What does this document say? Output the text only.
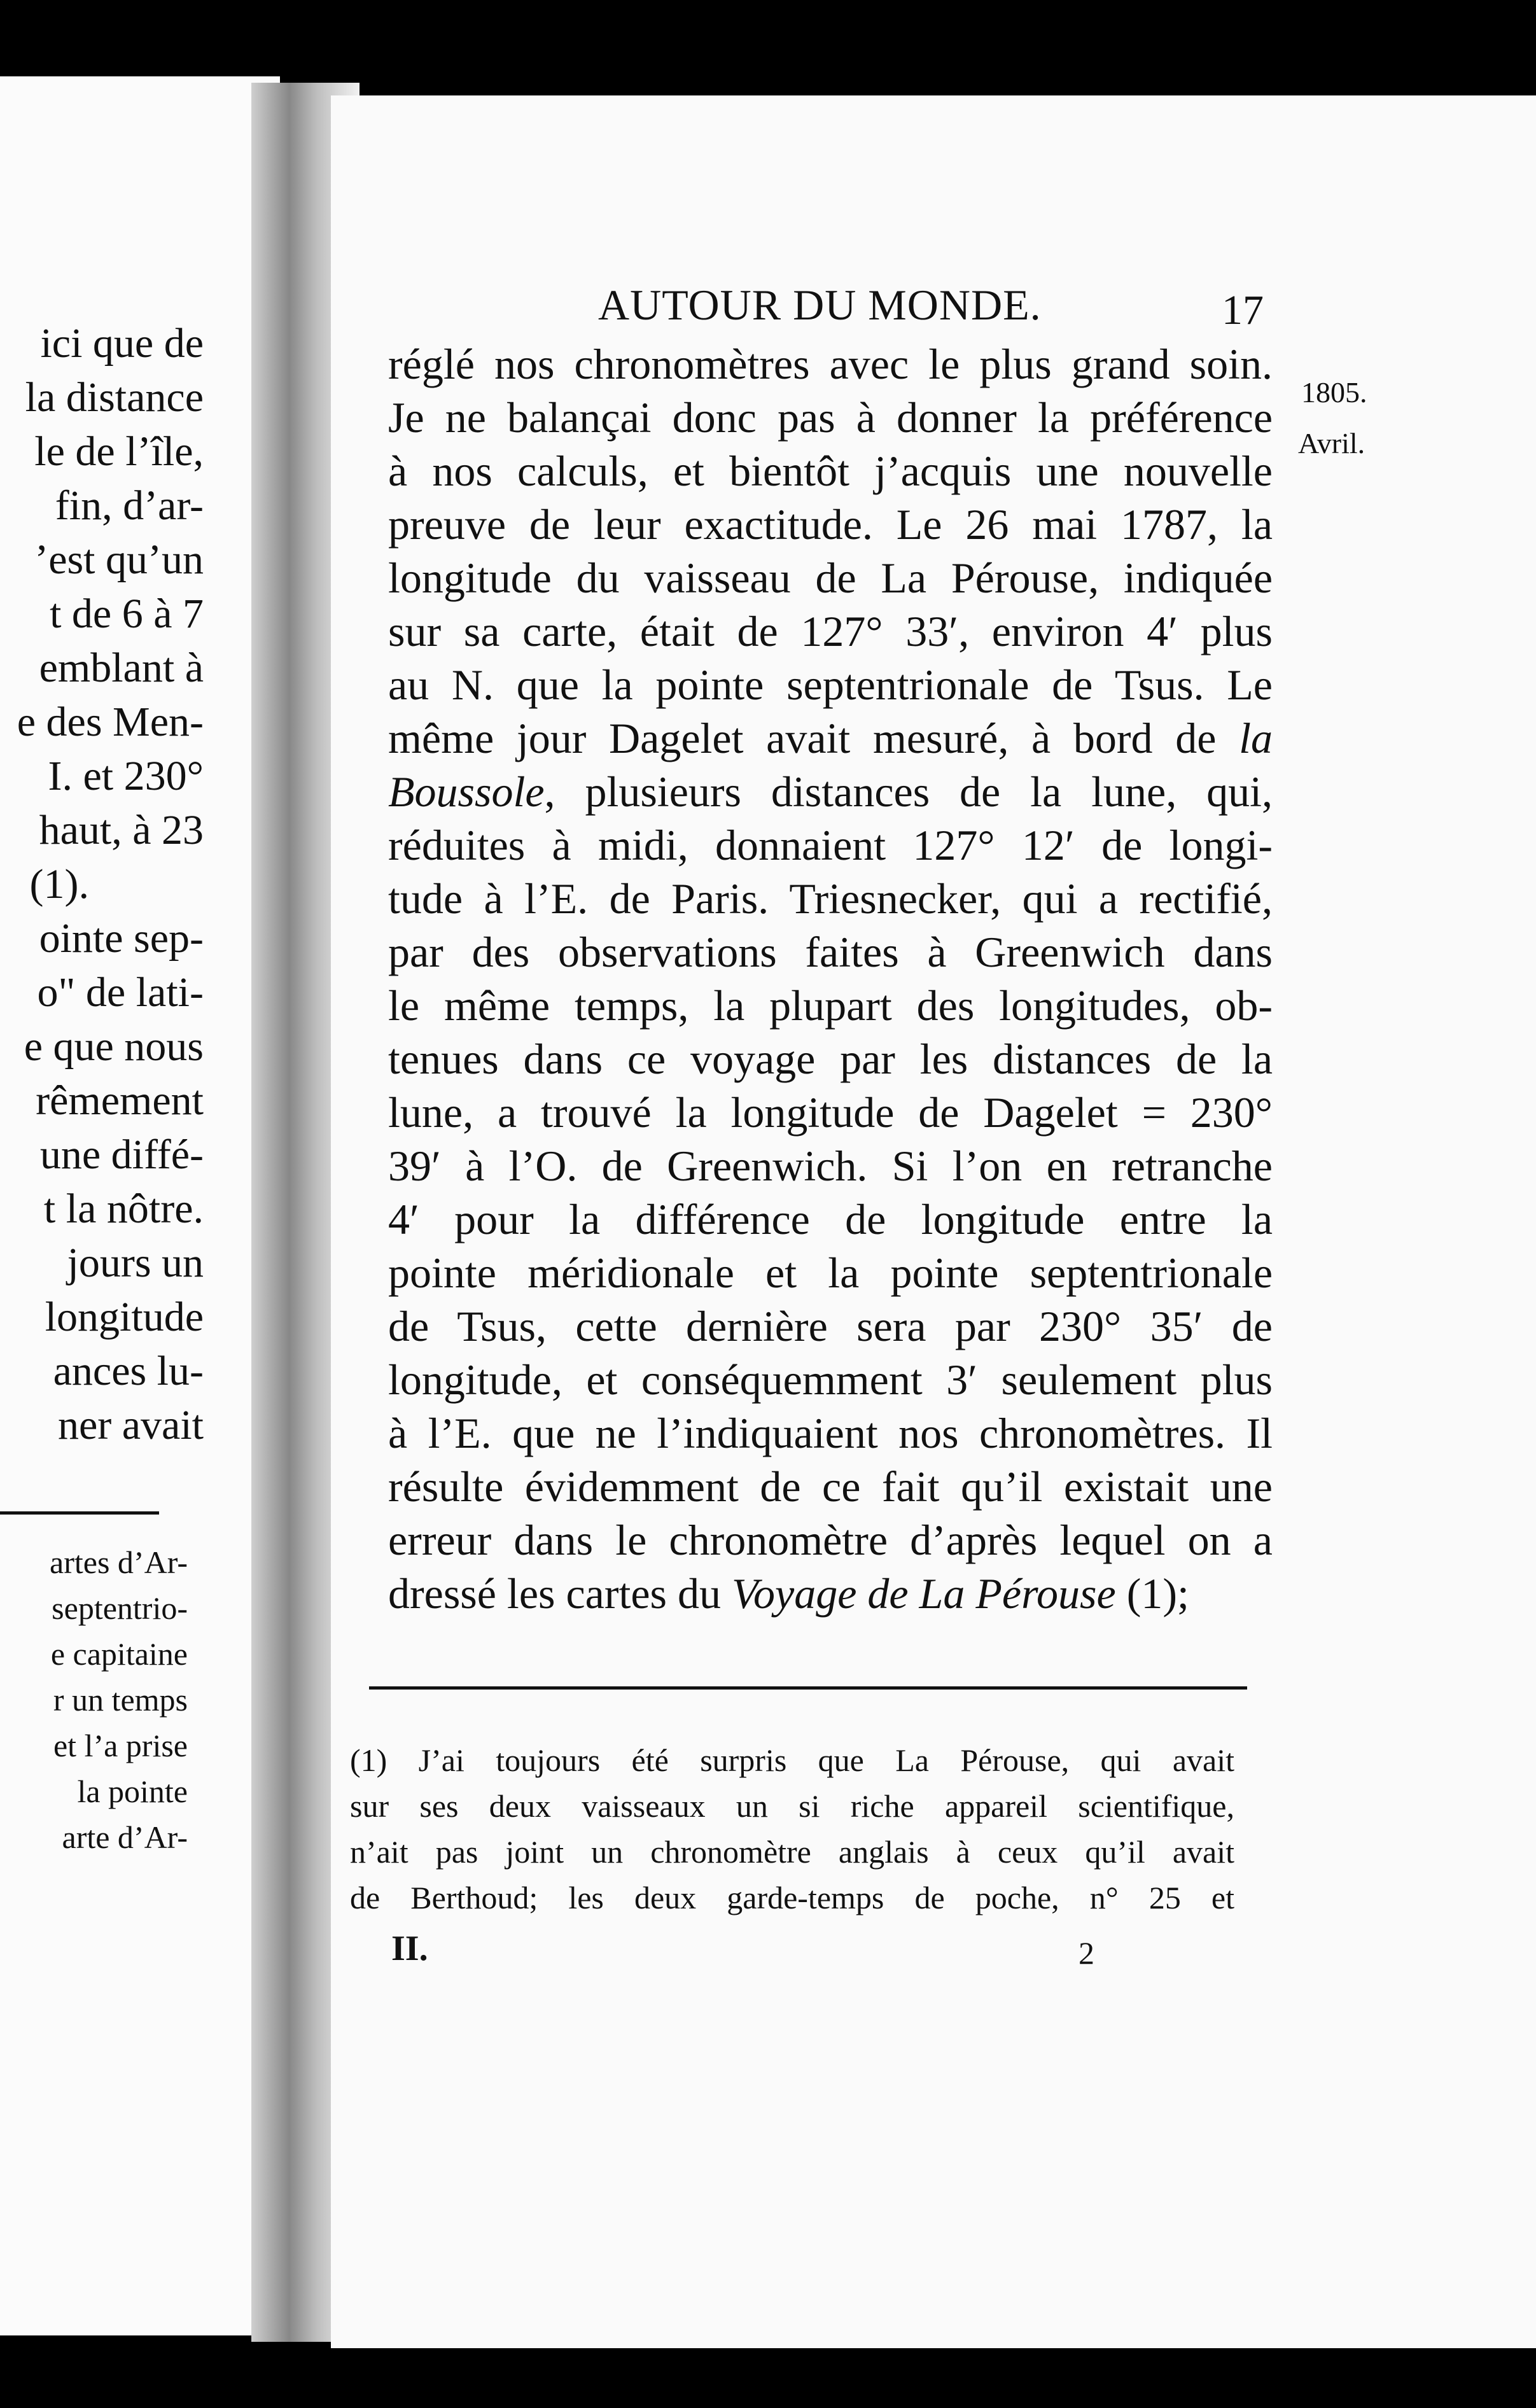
ici que de
la distance
le de l’île,
fin, d’ar-
’est qu’un
t de 6 à 7
emblant à
e des Men-
I. et 230°
haut, à 23
(1).
ointe sep-
o" de lati-
e que nous
rêmement
une diffé-
t la nôtre.
jours un
longitude
ances lu-
ner avait
artes d’Ar-
septentrio-
e capitaine
r un temps
et l’a prise
la pointe
arte d’Ar-
AUTOUR DU MONDE.	17
1805.
Avril.
réglé nos chronomètres avec le plus grand soin.
Je ne balançai donc pas à donner la préférence
à nos calculs, et bientôt j’acquis une nouvelle
preuve de leur exactitude. Le 26 mai 1787, la
longitude du vaisseau de La Pérouse, indiquée
sur sa carte, était de 127° 33′, environ 4′ plus
au N. que la pointe septentrionale de Tsus. Le
même jour Dagelet avait mesuré, à bord de la
Boussole, plusieurs distances de la lune, qui,
réduites à midi, donnaient 127° 12′ de longi-
tude à l’E. de Paris. Triesnecker, qui a rectifié,
par des observations faites à Greenwich dans
le même temps, la plupart des longitudes, ob-
tenues dans ce voyage par les distances de la
lune, a trouvé la longitude de Dagelet = 230°
39′ à l’O. de Greenwich. Si l’on en retranche
4′ pour la différence de longitude entre la
pointe méridionale et la pointe septentrionale
de Tsus, cette dernière sera par 230° 35′ de
longitude, et conséquemment 3′ seulement plus
à l’E. que ne l’indiquaient nos chronomètres. Il
résulte évidemment de ce fait qu’il existait une
erreur dans le chronomètre d’après lequel on a
dressé les cartes du Voyage de La Pérouse (1);
(1) J’ai toujours été surpris que La Pérouse, qui avait
sur ses deux vaisseaux un si riche appareil scientifique,
n’ait pas joint un chronomètre anglais à ceux qu’il avait
de Berthoud; les deux garde-temps de poche, n° 25 et
II.	2
